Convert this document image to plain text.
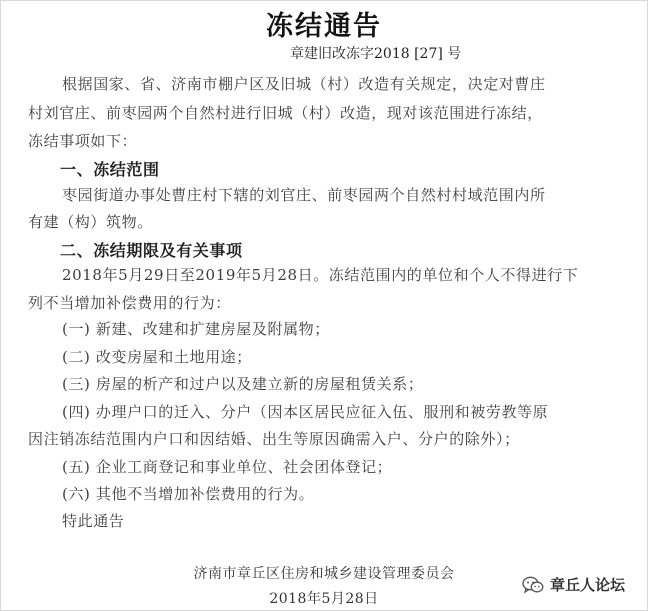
冻结通告
章建旧改冻字2018 [27] 号
根据国家、省、济南市棚户区及旧城（村）改造有关规定，决定对曹庄
村刘官庄、前枣园两个自然村进行旧城（村）改造，现对该范围进行冻结，
冻结事项如下：
一、冻结范围
枣园街道办事处曹庄村下辖的刘官庄、前枣园两个自然村村域范围内所
有建（构）筑物。
二、冻结期限及有关事项
2018年5月29日至2019年5月28日。冻结范围内的单位和个人不得进行下
列不当增加补偿费用的行为：
(一) 新建、改建和扩建房屋及附属物；
(二) 改变房屋和土地用途；
(三) 房屋的析产和过户以及建立新的房屋租赁关系；
(四) 办理户口的迁入、分户（因本区居民应征入伍、服刑和被劳教等原
因注销冻结范围内户口和因结婚、出生等原因确需入户、分户的除外）；
(五) 企业工商登记和事业单位、社会团体登记；
(六) 其他不当增加补偿费用的行为。
特此通告
济南市章丘区住房和城乡建设管理委员会
2018年5月28日
章丘人论坛
